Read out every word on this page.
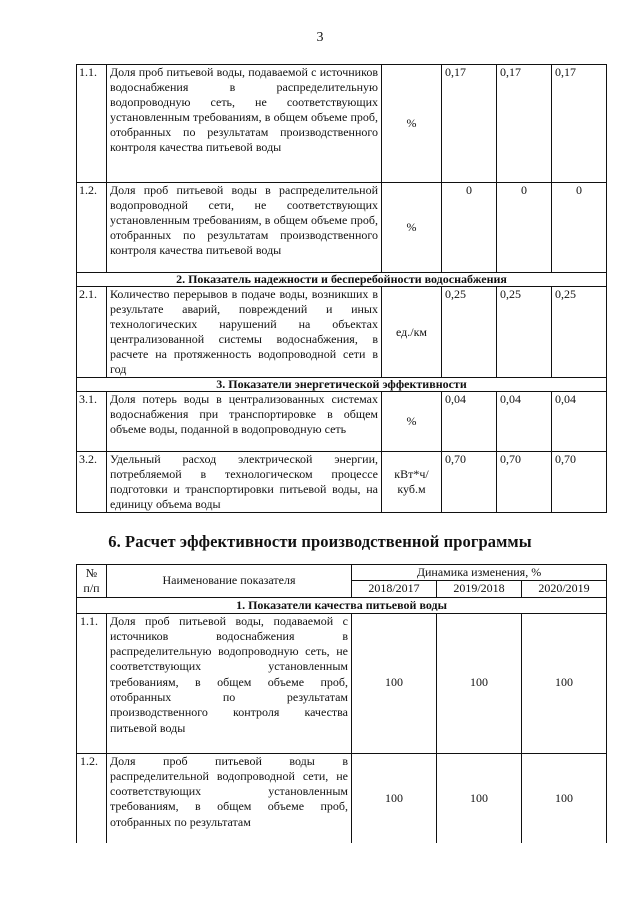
3
1.1.	Доля проб питьевой воды, подаваемой с источников водоснабжения в распределительную водопроводную сеть, не соответствующих установленным требованиям, в общем объеме проб, отобранных по результатам производственного контроля качества питьевой воды	%	0,17	0,17	0,17
1.2.	Доля проб питьевой воды в распределительной водопроводной сети, не соответствующих установленным требованиям, в общем объеме проб, отобранных по результатам производственного контроля качества питьевой воды	%	0	0	0
2. Показатель надежности и бесперебойности водоснабжения					
2.1.	Количество перерывов в подаче воды, возникших в результате аварий, повреждений и иных технологических нарушений на объектах централизованной системы водоснабжения, в расчете на протяженность водопроводной сети в год	ед./км	0,25	0,25	0,25
3. Показатели энергетической эффективности					
3.1.	Доля потерь воды в централизованных системах водоснабжения при транспортировке в общем объеме воды, поданной в водопроводную сеть	%	0,04	0,04	0,04
3.2.	Удельный расход электрической энергии, потребляемой в технологическом процессе подготовки и транспортировки питьевой воды, на единицу объема воды	кВт*ч/ куб.м	0,70	0,70	0,70
6. Расчет эффективности производственной программы
№ п/п	Наименование показателя	Динамика изменения, %		
		2018/2017	2019/2018	2020/2019
1. Показатели качества питьевой воды				
1.1.	Доля проб питьевой воды, подаваемой с источников водоснабжения в распределительную водопроводную сеть, не соответствующих установленным требованиям, в общем объеме проб, отобранных по результатам производственного контроля качества питьевой воды	100	100	100
1.2.	Доля проб питьевой воды в распределительной водопроводной сети, не соответствующих установленным требованиям, в общем объеме проб, отобранных по результатам	100	100	100
